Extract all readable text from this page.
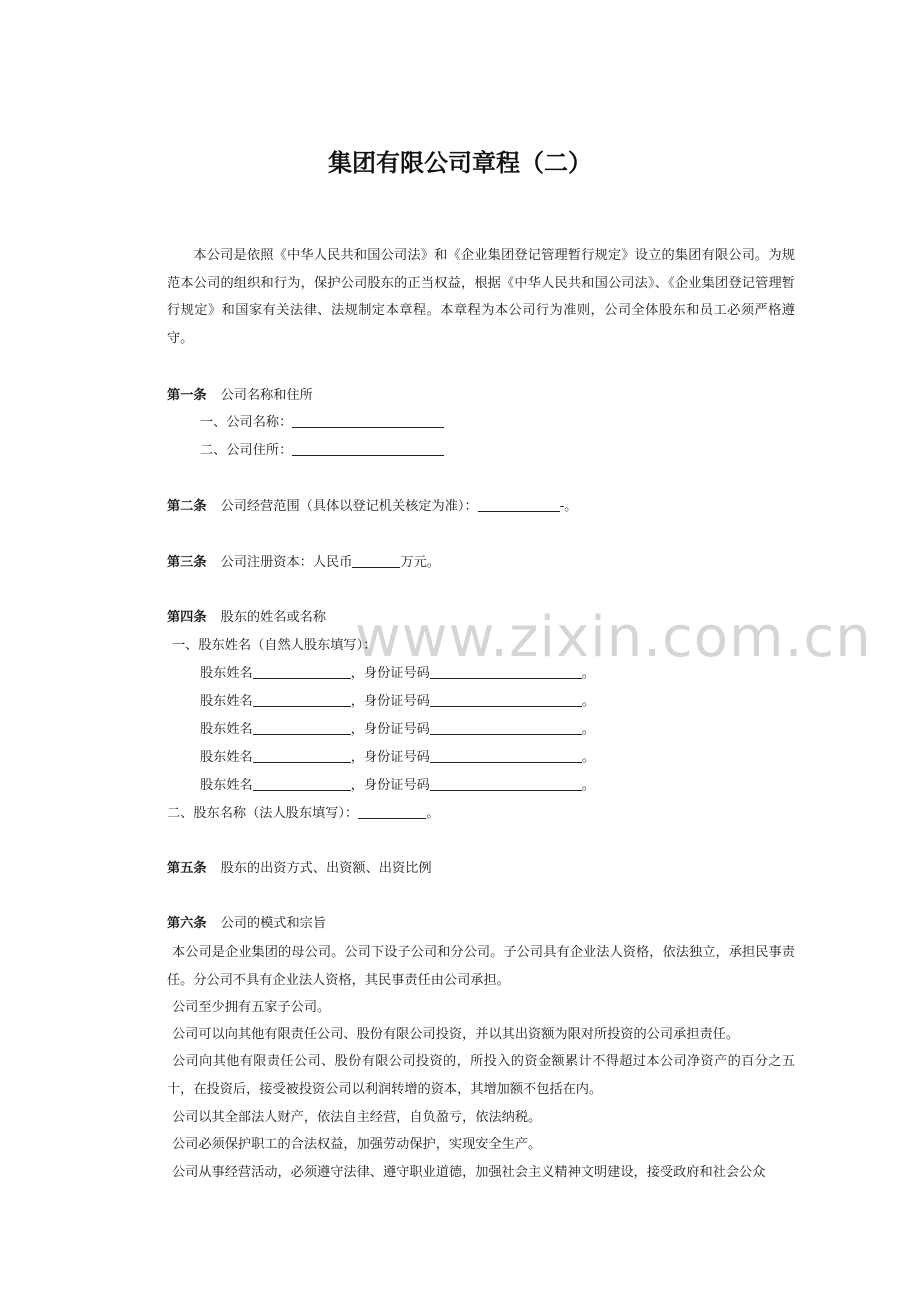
集团有限公司章程（二）

本公司是依照《中华人民共和国公司法》和《企业集团登记管理暂行规定》设立的集团有限公司。为规范本公司的组织和行为，保护公司股东的正当权益，根据《中华人民共和国公司法》、《企业集团登记管理暂行规定》和国家有关法律、法规制定本章程。本章程为本公司行为准则，公司全体股东和员工必须严格遵守。

第一条 公司名称和住所
一、公司名称：
二、公司住所：
第二条 公司经营范围（具体以登记机关核定为准）：	-。
第三条 公司注册资本：人民币	万元。
第四条 股东的姓名或名称
一、股东姓名（自然人股东填写）：
股东姓名	，身份证号码	。
股东姓名	，身份证号码	。
股东姓名	，身份证号码	。
股东姓名	，身份证号码	。
股东姓名	，身份证号码	。
二、股东名称（法人股东填写）：	。
第五条 股东的出资方式、出资额、出资比例
第六条 公司的模式和宗旨

本公司是企业集团的母公司。公司下设子公司和分公司。子公司具有企业法人资格，依法独立，承担民事责任。分公司不具有企业法人资格，其民事责任由公司承担。

公司至少拥有五家子公司。

公司可以向其他有限责任公司、股份有限公司投资，并以其出资额为限对所投资的公司承担责任。

公司向其他有限责任公司、股份有限公司投资的，所投入的资金额累计不得超过本公司净资产的百分之五十，在投资后，接受被投资公司以利润转增的资本，其增加额不包括在内。

公司以其全部法人财产，依法自主经营，自负盈亏，依法纳税。

公司必须保护职工的合法权益，加强劳动保护，实现安全生产。

公司从事经营活动，必须遵守法律、遵守职业道德，加强社会主义精神文明建设，接受政府和社会公众

www.zixin.com.cn
